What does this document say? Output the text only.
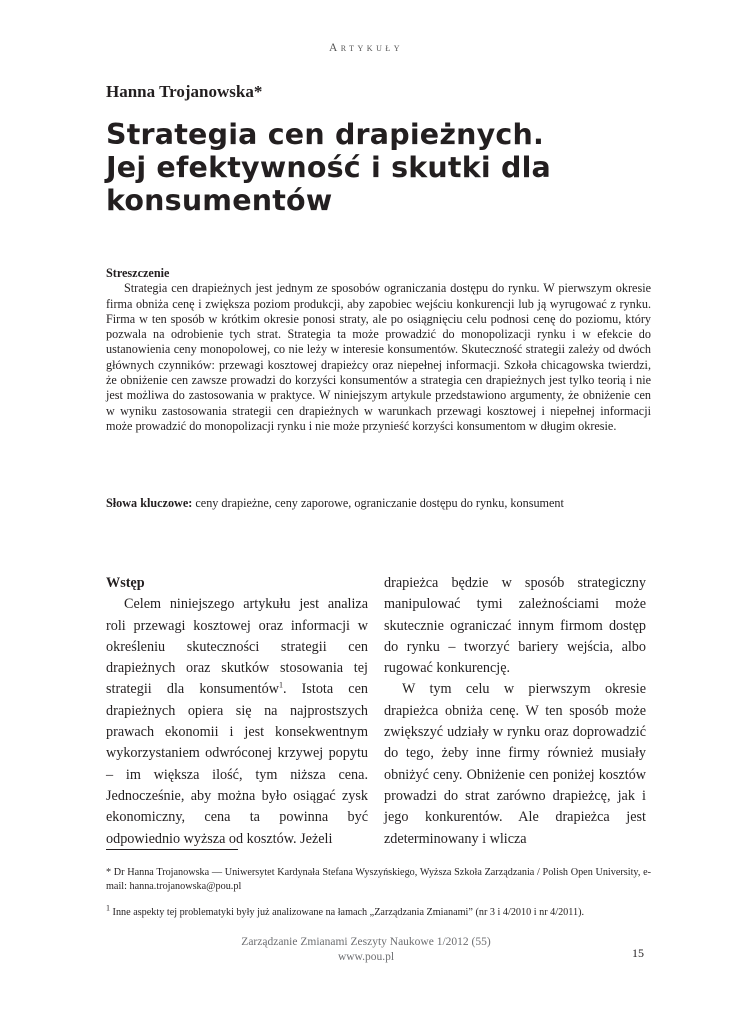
Artykuły
Hanna Trojanowska*
Strategia cen drapieżnych.
Jej efektywność i skutki dla
konsumentów
Streszczenie
Strategia cen drapieżnych jest jednym ze sposobów ograniczania dostępu do rynku. W pierwszym okresie firma obniża cenę i zwiększa poziom produkcji, aby zapobiec wejściu konkurencji lub ją wyrugować z rynku. Firma w ten sposób w krótkim okresie ponosi straty, ale po osiągnięciu celu podnosi cenę do poziomu, który pozwala na odrobienie tych strat. Strategia ta może prowadzić do monopolizacji rynku i w efekcie do ustanowienia ceny monopolowej, co nie leży w interesie konsumentów. Skuteczność strategii zależy od dwóch głównych czynników: przewagi kosztowej drapieżcy oraz niepełnej informacji. Szkoła chicagowska twierdzi, że obniżenie cen zawsze prowadzi do korzyści konsumentów a strategia cen drapieżnych jest tylko teorią i nie jest możliwa do zastosowania w praktyce. W niniejszym artykule przedstawiono argumenty, że obniżenie cen w wyniku zastosowania strategii cen drapieżnych w warunkach przewagi kosztowej i niepełnej informacji może prowadzić do monopolizacji rynku i nie może przynieść korzyści konsumentom w długim okresie.
Słowa kluczowe: ceny drapieżne, ceny zaporowe, ograniczanie dostępu do rynku, konsument

Wstęp

Celem niniejszego artykułu jest analiza roli przewagi kosztowej oraz informacji w określeniu skuteczności strategii cen drapieżnych oraz skutków stosowania tej strategii dla konsumentów$^1$. Istota cen drapieżnych opiera się na najprostszych prawach ekonomii i jest konsekwentnym wykorzystaniem odwróconej krzywej popytu – im większa ilość, tym niższa cena. Jednocześnie, aby można było osiągać zysk ekonomiczny, cena ta powinna być odpowiednio wyższa od kosztów. Jeżeli

drapieżca będzie w sposób strategiczny manipulować tymi zależnościami może skutecznie ograniczać innym firmom dostęp do rynku – tworzyć bariery wejścia, albo rugować konkurencję.

W tym celu w pierwszym okresie drapieżca obniża cenę. W ten sposób może zwiększyć udziały w rynku oraz doprowadzić do tego, żeby inne firmy również musiały obniżyć ceny. Obniżenie cen poniżej kosztów prowadzi do strat zarówno drapieżcę, jak i jego konkurentów. Ale drapieżca jest zdeterminowany i wlicza

* Dr Hanna Trojanowska — Uniwersytet Kardynała Stefana Wyszyńskiego, Wyższa Szkoła Zarządzania / Polish Open University, e-mail: hanna.trojanowska@pou.pl
$^1$ Inne aspekty tej problematyki były już analizowane na łamach „Zarządzania Zmianami” (nr 3 i 4/2010 i nr 4/2011).
Zarządzanie Zmianami Zeszyty Naukowe 1/2012 (55)
www.pou.pl	15
